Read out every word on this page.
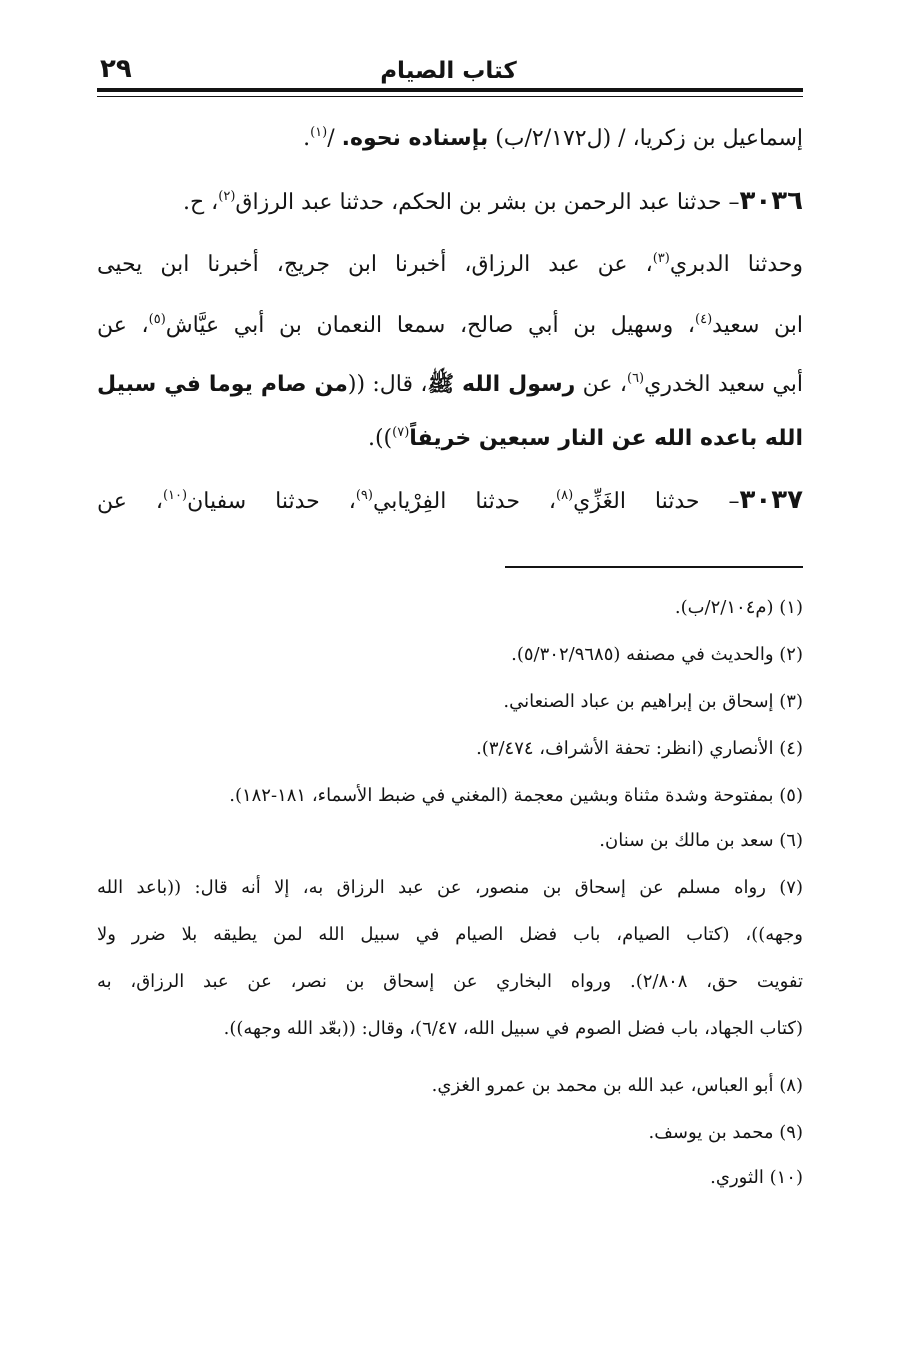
كتاب الصيام
٢٩
إسماعيل بن زكريا، / (ل٢/١٧٢/ب) بإسناده نحوه. /$^{(١)}$.
٣٠٣٦– حدثنا عبد الرحمن بن بشر بن الحكم، حدثنا عبد الرزاق$^{(٢)}$، ح.
وحدثنا الدبري$^{(٣)}$، عن عبد الرزاق، أخبرنا ابن جريج، أخبرنا ابن يحيى
ابن سعيد$^{(٤)}$، وسهيل بن أبي صالح، سمعا النعمان بن أبي عيَّاش$^{(٥)}$، عن
أبي سعيد الخدري$^{(٦)}$، عن رسول الله ﷺ، قال: ((من صام يوما في سبيل
الله باعده الله عن النار سبعين خريفاً$^{(٧)}$)).
٣٠٣٧– حدثنا الغَزِّي$^{(٨)}$، حدثنا الفِرْيابي$^{(٩)}$، حدثنا سفيان$^{(١٠)}$، عن
(١) (م٢/١٠٤/ب).
(٢) والحديث في مصنفه (٥/٣٠٢/٩٦٨٥).
(٣) إسحاق بن إبراهيم بن عباد الصنعاني.
(٤) الأنصاري (انظر: تحفة الأشراف، ٣/٤٧٤).
(٥) بمفتوحة وشدة مثناة وبشين معجمة (المغني في ضبط الأسماء، ١٨١-١٨٢).
(٦) سعد بن مالك بن سنان.
(٧) رواه مسلم عن إسحاق بن منصور، عن عبد الرزاق به، إلا أنه قال: ((باعد الله
وجهه))، (كتاب الصيام، باب فضل الصيام في سبيل الله لمن يطيقه بلا ضرر ولا
تفويت حق، ٢/٨٠٨). ورواه البخاري عن إسحاق بن نصر، عن عبد الرزاق، به
(كتاب الجهاد، باب فضل الصوم في سبيل الله، ٦/٤٧)، وقال: ((بعّد الله وجهه)).
(٨) أبو العباس، عبد الله بن محمد بن عمرو الغزي.
(٩) محمد بن يوسف.
(١٠) الثوري.
